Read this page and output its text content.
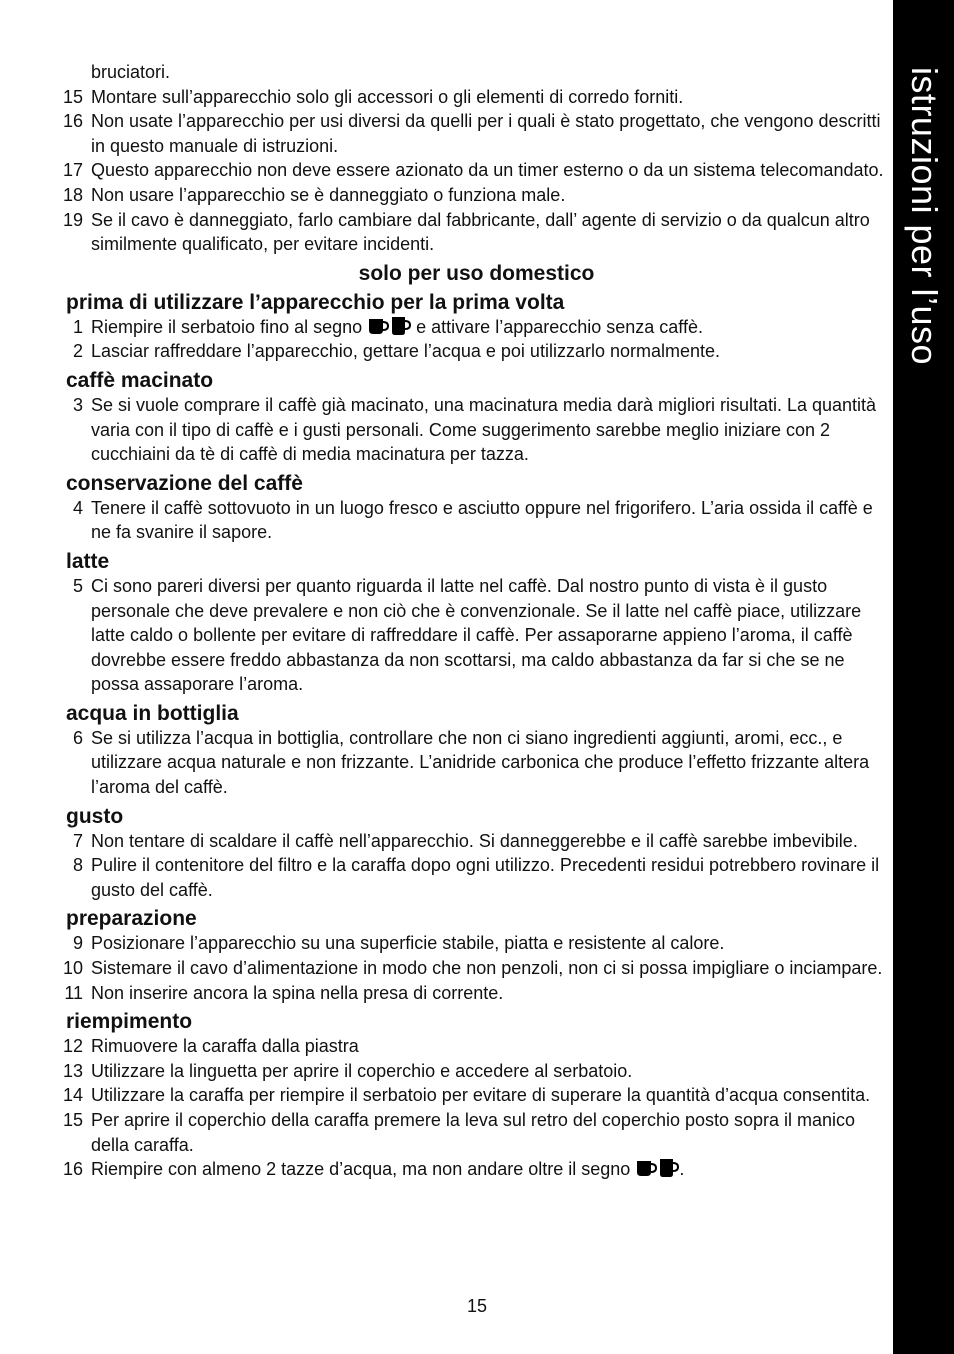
istruzioni per l’uso
bruciatori.
15 Montare sull’apparecchio solo gli accessori o gli elementi di corredo forniti.
16 Non usate l’apparecchio per usi diversi da quelli per i quali è stato progettato, che vengono descritti in questo manuale di istruzioni.
17 Questo apparecchio non deve essere azionato da un timer esterno o da un sistema telecomandato.
18 Non usare l’apparecchio se è danneggiato o funziona male.
19 Se il cavo è danneggiato, farlo cambiare dal fabbricante, dall’ agente di servizio o da qualcun altro similmente qualificato, per evitare incidenti.
solo per uso domestico
prima di utilizzare l’apparecchio per la prima volta
1 Riempire il serbatoio fino al segno  e attivare l’apparecchio senza caffè.
2 Lasciar raffreddare l’apparecchio, gettare l’acqua e poi utilizzarlo normalmente.
caffè macinato
3 Se si vuole comprare il caffè già macinato, una macinatura media darà migliori risultati. La quantità varia con il tipo di caffè e i gusti personali. Come suggerimento sarebbe meglio iniziare con 2 cucchiaini da tè di caffè di media macinatura per tazza.
conservazione del caffè
4 Tenere il caffè sottovuoto in un luogo fresco e asciutto oppure nel frigorifero. L’aria ossida il caffè e ne fa svanire il sapore.
latte
5 Ci sono pareri diversi per quanto riguarda il latte nel caffè. Dal nostro punto di vista è il gusto personale che deve prevalere e non ciò che è convenzionale. Se il latte nel caffè piace, utilizzare latte caldo o bollente per evitare di raffreddare il caffè. Per assaporarne appieno l’aroma, il caffè dovrebbe essere freddo abbastanza da non scottarsi, ma caldo abbastanza da far si che se ne possa assaporare l’aroma.
acqua in bottiglia
6 Se si utilizza l’acqua in bottiglia, controllare che non ci siano ingredienti aggiunti, aromi, ecc., e utilizzare acqua naturale e non frizzante. L’anidride carbonica che produce l’effetto frizzante altera l’aroma del caffè.
gusto
7 Non tentare di scaldare il caffè nell’apparecchio. Si danneggerebbe e il caffè sarebbe imbevibile.
8 Pulire il contenitore del filtro e la caraffa dopo ogni utilizzo. Precedenti residui potrebbero rovinare il gusto del caffè.
preparazione
9 Posizionare l’apparecchio su una superficie stabile, piatta e resistente al calore.
10 Sistemare il cavo d’alimentazione in modo che non penzoli, non ci si possa impigliare o inciampare.
11 Non inserire ancora la spina nella presa di corrente.
riempimento
12 Rimuovere la caraffa dalla piastra
13 Utilizzare la linguetta per aprire il coperchio e accedere al serbatoio.
14 Utilizzare la caraffa per riempire il serbatoio per evitare di superare la quantità d’acqua consentita.
15 Per aprire il coperchio della caraffa premere la leva sul retro del coperchio posto sopra il manico della caraffa.
16 Riempire con almeno 2 tazze d’acqua, ma non andare oltre il segno .
15
